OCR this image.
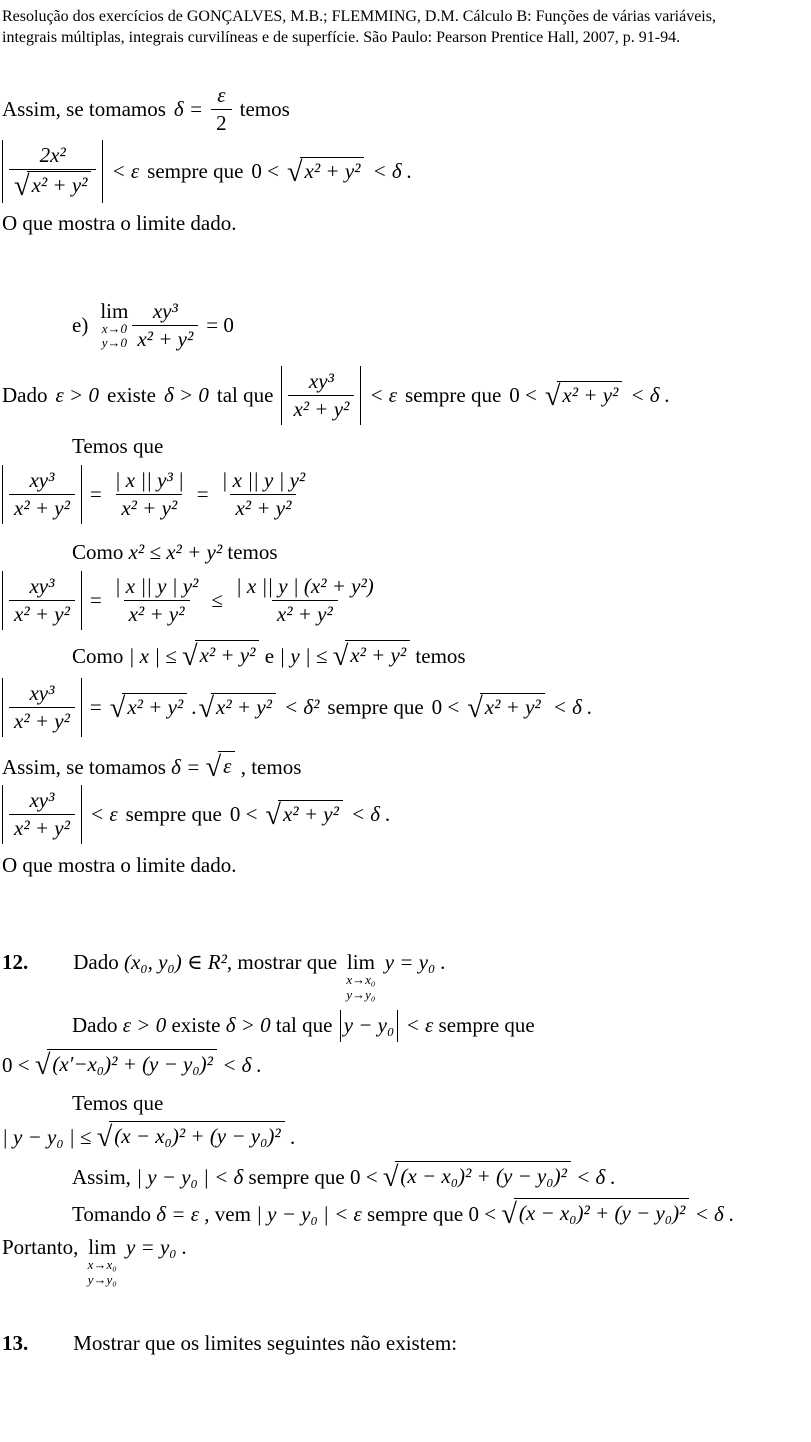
Resolução dos exercícios de GONÇALVES, M.B.; FLEMMING, D.M. Cálculo B: Funções de várias variáveis,
integrais múltiplas, integrais curvilíneas e de superfície. São Paulo: Pearson Prentice Hall, 2007, p. 91-94.
Assim, se tomamos $\delta = \frac{\varepsilon}{2}$ temos
$\frac{\text{2x²}}{\text{√ x² + y²}} < \varepsilon$ sempre que 0 < √ x² + y² < δ .
O que mostra o limite dado.
e)
lim
x→0
$y\to 0 \frac{\text{xy³}}{\text{x² + y²}} = 0$
Dado ε > 0 existe δ > 0 tal que $\frac{\text{xy³}}{\text{x² + y²}} < \varepsilon$ sempre que 0 < √ x² + y² < δ .
Temos que
$\frac{\text{xy³}}{\text{x² + y²}} = \frac{\text{| x || y³ |}}{\text{x² + y²}} = \frac{\text{| x || y | y²}}{\text{x² + y²}}$
Como x² ≤ x² + y² temos
$\frac{\text{xy³}}{\text{x² + y²}} = \frac{\text{| x || y | y²}}{\text{x² + y²}} \le \frac{\text{| x || y | (x² + y²)}}{\text{x² + y²}}$
Como | x | ≤ √ x² + y² e | y | ≤ √ x² + y² temos
$\frac{\text{xy³}}{\text{x² + y²}}$ = √ x² + y² . √ x² + y² < δ² sempre que 0 < √ x² + y² < δ .
Assim, se tomamos δ = √ ε , temos
$\frac{\text{xy³}}{\text{x² + y²}} < \varepsilon$ sempre que 0 < √ x² + y² < δ .
O que mostra o limite dado.
12. Dado (x₀, y₀) ∈ R², mostrar que lim
x→x₀
y→y₀
y = y₀ .
Dado ε > 0 existe δ > 0 tal que y − y₀ < ε sempre que
0 < √ (x′−x₀)² + (y − y₀)² < δ .
Temos que
| y − y₀ | ≤ √ (x − x₀)² + (y − y₀)² .
Assim, | y − y₀ | < δ sempre que 0 < √ (x − x₀)² + (y − y₀)² < δ .
Tomando δ = ε , vem | y − y₀ | < ε sempre que 0 < √ (x − x₀)² + (y − y₀)² < δ .
Portanto, lim
x→x₀
y→y₀
y = y₀ .
13. Mostrar que os limites seguintes não existem:
